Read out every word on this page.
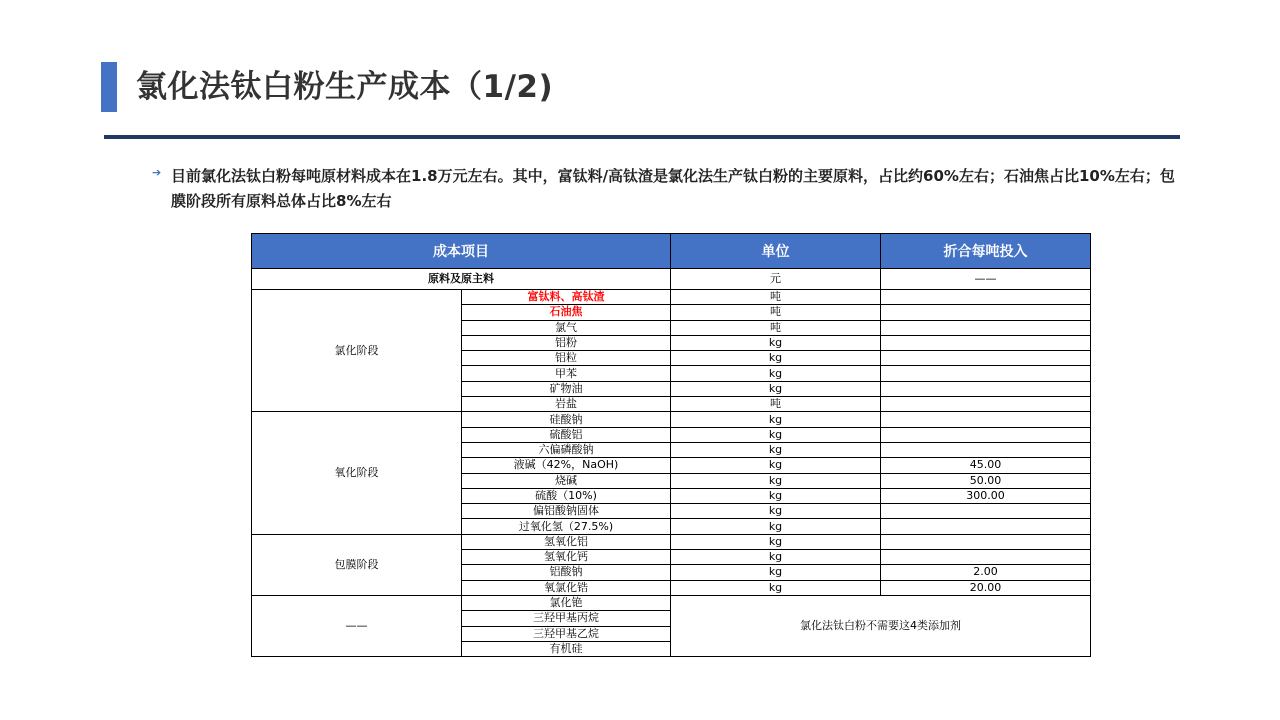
氯化法钛白粉生产成本（1/2)
➔ 目前氯化法钛白粉每吨原材料成本在1.8万元左右。其中，富钛料/高钛渣是氯化法生产钛白粉的主要原料，占比约60%左右；石油焦占比10%左右；包膜阶段所有原料总体占比8%左右
成本项目		单位	折合每吨投入
原料及原主料		元	——
氯化阶段	富钛料、高钛渣	吨	
	石油焦	吨	
	氯气	吨	
	铝粉	kg	
	铝粒	kg	
	甲苯	kg	
	矿物油	kg	
	岩盐	吨	
氧化阶段	硅酸钠	kg	
	硫酸铝	kg	
	六偏磷酸钠	kg	
	液碱（42%，NaOH)	kg	45.00
	烧碱	kg	50.00
	硫酸（10%)	kg	300.00
	偏铝酸钠固体	kg	
	过氧化氢（27.5%)	kg	
包膜阶段	氢氧化铝	kg	
	氢氧化钙	kg	
	铝酸钠	kg	2.00
	氧氯化锆	kg	20.00
——	氯化铯	氯化法钛白粉不需要这4类添加剂	
	三羟甲基丙烷		
	三羟甲基乙烷		
	有机硅		
